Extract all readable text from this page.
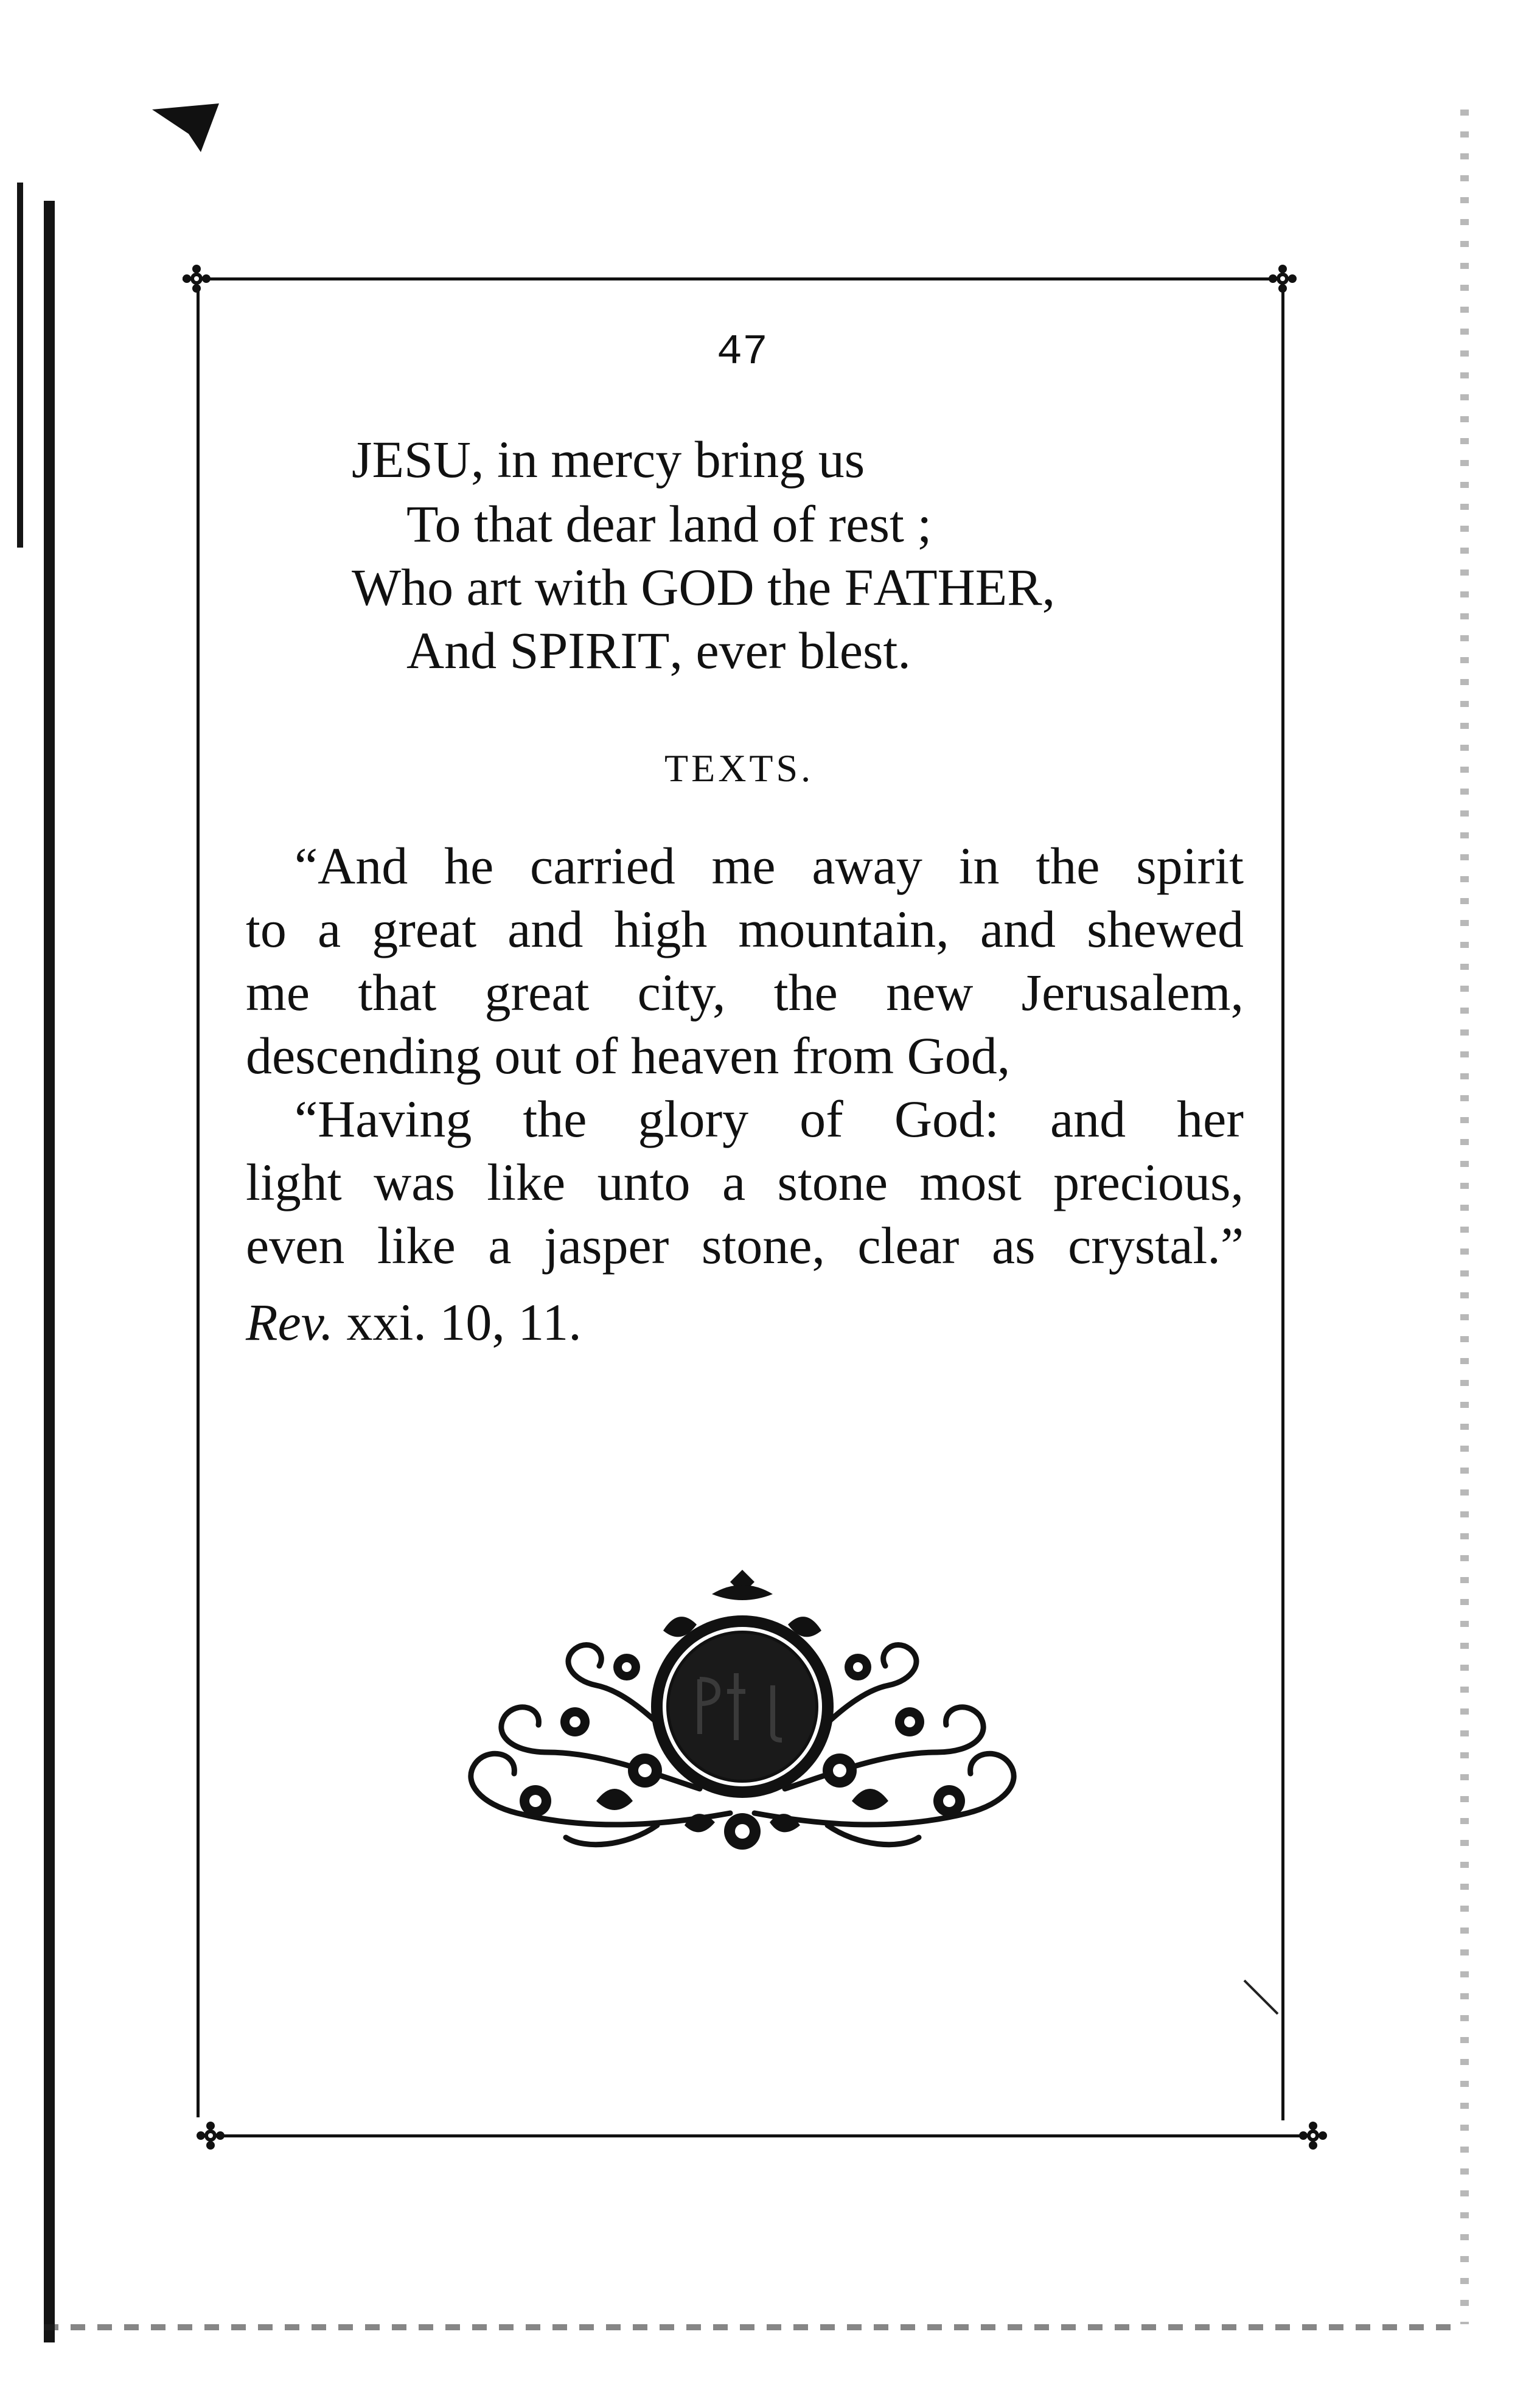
47
JESU, in mercy bring us
To that dear land of rest ;
Who art with GOD the FATHER,
And SPIRIT, ever blest.
TEXTS.
“And he carried me away in the spirit
to a great and high mountain, and shewed
me that great city, the new Jerusalem,
descending out of heaven from God,
“Having the glory of God: and her
light was like unto a stone most precious,
even like a jasper stone, clear as crystal.”
Rev. xxi. 10, 11.
